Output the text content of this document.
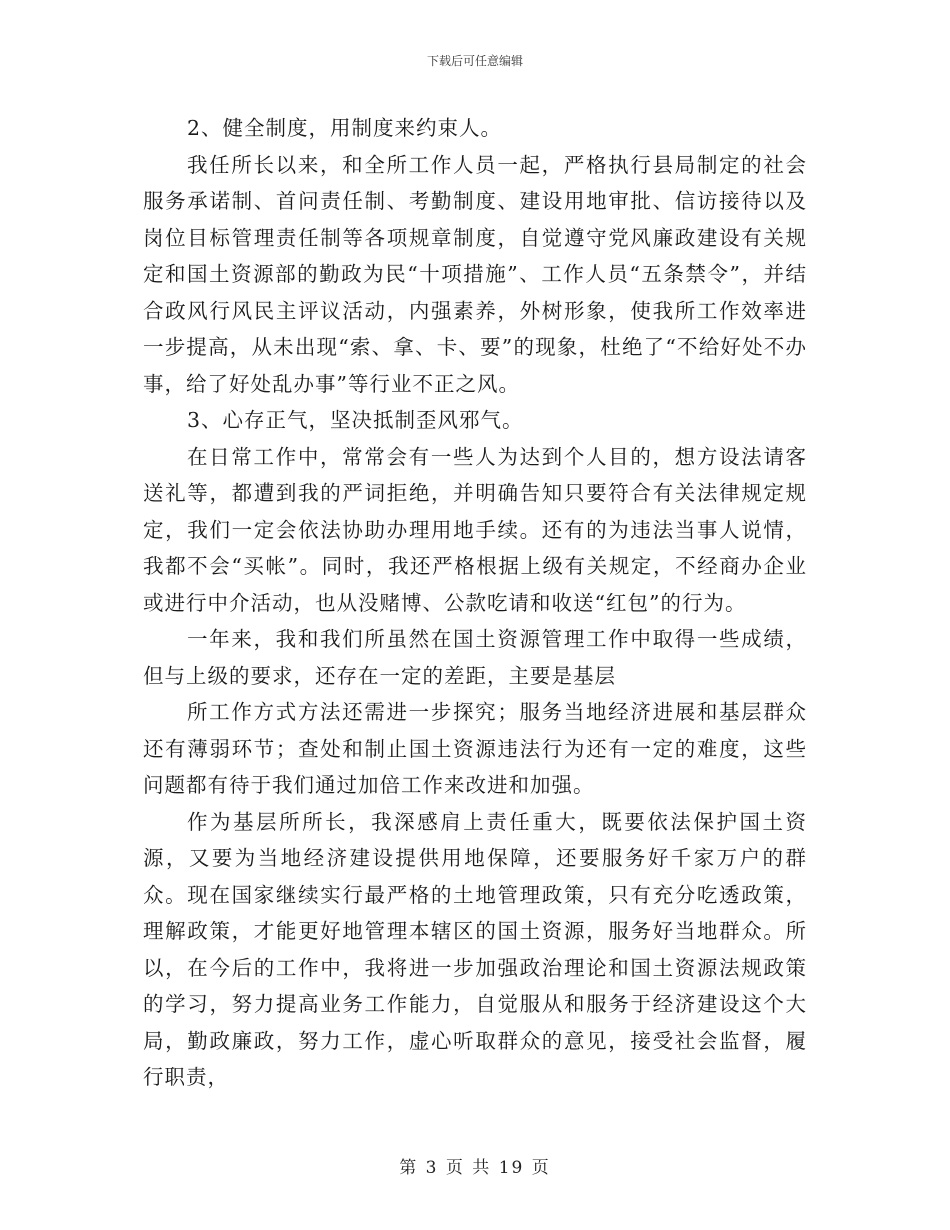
下载后可任意编辑

2、健全制度，用制度来约束人。

我任所长以来，和全所工作人员一起，严格执行县局制定的社会服务承诺制、首问责任制、考勤制度、建设用地审批、信访接待以及岗位目标管理责任制等各项规章制度，自觉遵守党风廉政建设有关规定和国土资源部的勤政为民“十项措施”、工作人员“五条禁令”，并结合政风行风民主评议活动，内强素养，外树形象，使我所工作效率进一步提高，从未出现“索、拿、卡、要”的现象，杜绝了“不给好处不办事，给了好处乱办事”等行业不正之风。

3、心存正气，坚决抵制歪风邪气。

在日常工作中，常常会有一些人为达到个人目的，想方设法请客送礼等，都遭到我的严词拒绝，并明确告知只要符合有关法律规定规定，我们一定会依法协助办理用地手续。还有的为违法当事人说情，我都不会“买帐”。同时，我还严格根据上级有关规定，不经商办企业或进行中介活动，也从没赌博、公款吃请和收送“红包”的行为。

一年来，我和我们所虽然在国土资源管理工作中取得一些成绩，但与上级的要求，还存在一定的差距，主要是基层

所工作方式方法还需进一步探究；服务当地经济进展和基层群众还有薄弱环节；查处和制止国土资源违法行为还有一定的难度，这些问题都有待于我们通过加倍工作来改进和加强。

作为基层所所长，我深感肩上责任重大，既要依法保护国土资源，又要为当地经济建设提供用地保障，还要服务好千家万户的群众。现在国家继续实行最严格的土地管理政策，只有充分吃透政策，理解政策，才能更好地管理本辖区的国土资源，服务好当地群众。所以，在今后的工作中，我将进一步加强政治理论和国土资源法规政策的学习，努力提高业务工作能力，自觉服从和服务于经济建设这个大局，勤政廉政，努力工作，虚心听取群众的意见，接受社会监督，履行职责，

第 3 页 共 19 页
